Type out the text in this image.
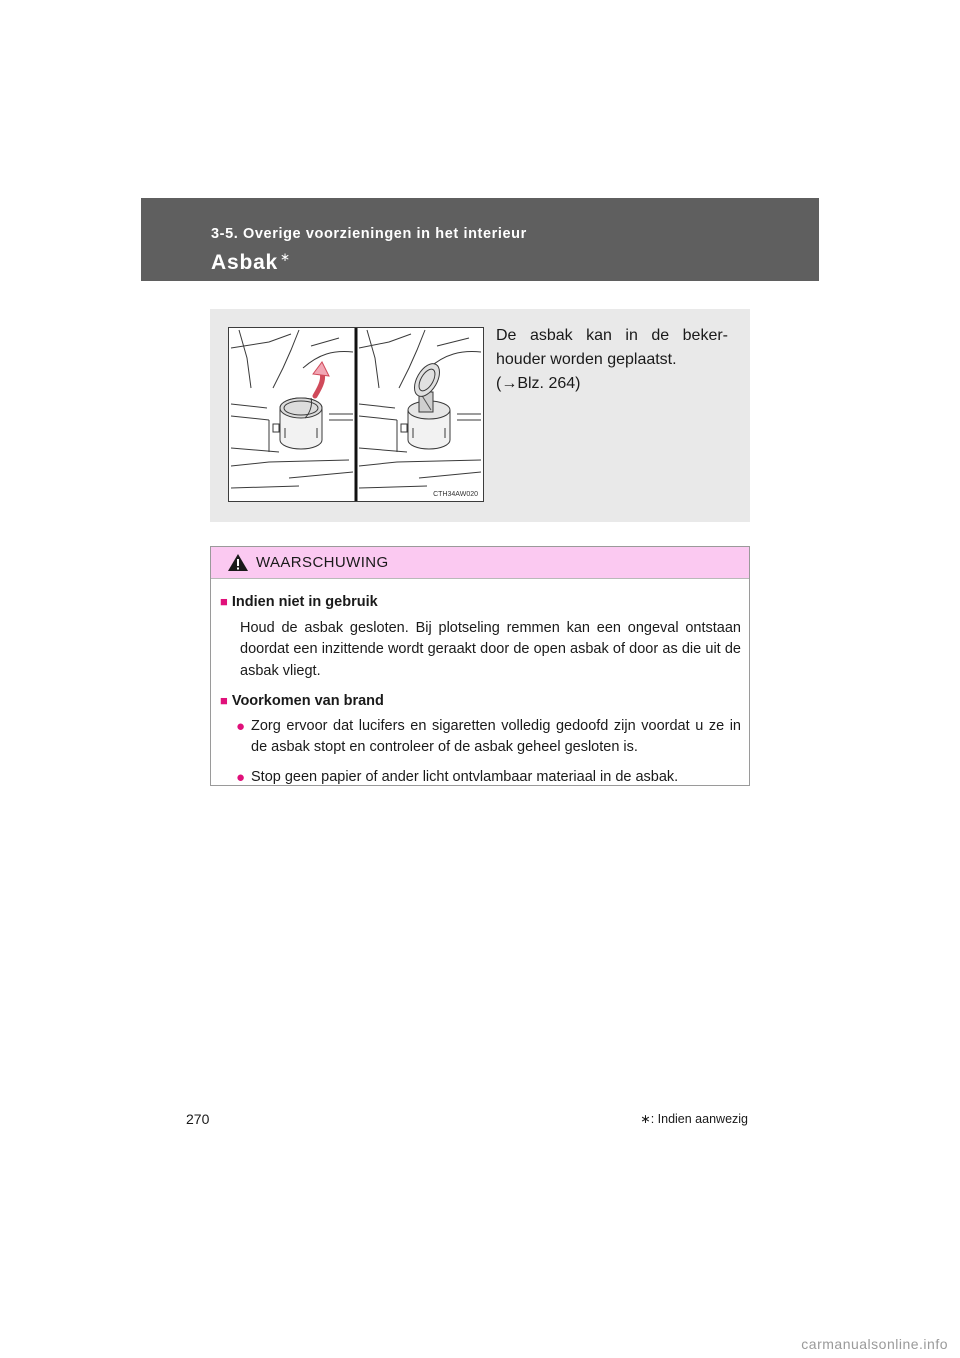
3-5. Overige voorzieningen in het interieur
Asbak ∗
CTH34AW020
De asbak kan in de beker-
houder worden geplaatst.
(→Blz. 264)
WAARSCHUWING
■ Indien niet in gebruik
Houd de asbak gesloten. Bij plotseling remmen kan een ongeval ontstaan doordat een inzittende wordt geraakt door de open asbak of door as die uit de asbak vliegt.
■ Voorkomen van brand
● Zorg ervoor dat lucifers en sigaretten volledig gedoofd zijn voordat u ze in de asbak stopt en controleer of de asbak geheel gesloten is.
● Stop geen papier of ander licht ontvlambaar materiaal in de asbak.
270	∗: Indien aanwezig
carmanualsonline.info
